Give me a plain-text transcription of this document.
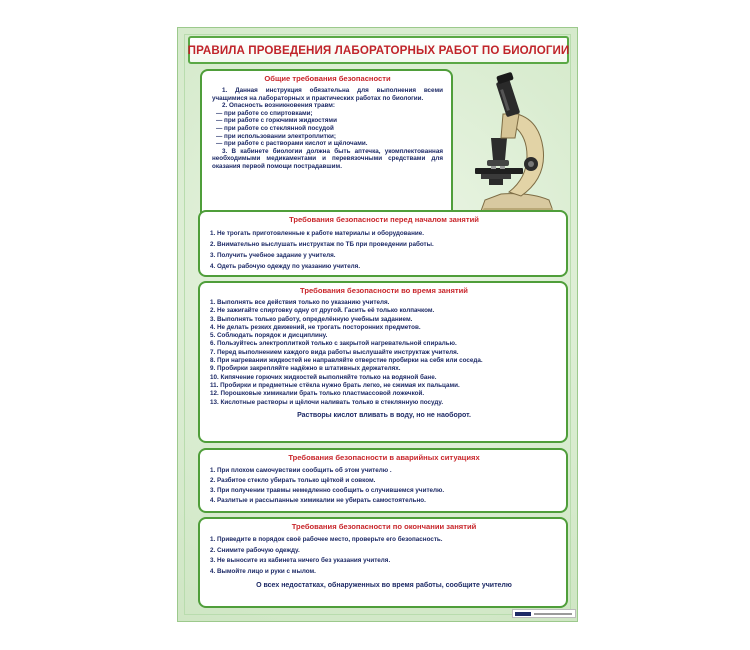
ПРАВИЛА ПРОВЕДЕНИЯ ЛАБОРАТОРНЫХ РАБОТ ПО БИОЛОГИИ
Общие требования безопасности
1. Данная инструкция обязательна для выполнения всеми учащимися на лабораторных и практических работах по биологии.
2. Опасность возникновения травм:
— при работе со спиртовками;
— при работе с горючими жидкостями
— при работе со стеклянной посудой
— при использовании электроплитки;
— при работе с растворами кислот и щёлочами.
3. В кабинете биологии должна быть аптечка, укомплектованная необходимыми медикаментами и перевязочными средствами для оказания первой помощи пострадавшим.
Требования безопасности перед началом занятий
1. Не трогать приготовленные к работе материалы и оборудование.
2. Внимательно выслушать инструктаж по ТБ при проведении работы.
3. Получить учебное задание у учителя.
4. Одеть рабочую одежду по указанию учителя.
Требования безопасности во время занятий
1. Выполнять все действия только по указанию учителя.
2. Не зажигайте спиртовку одну от другой. Гасить её только колпачком.
3. Выполнять только работу, определённую учебным заданием.
4. Не делать резких движений, не трогать посторонних предметов.
5. Соблюдать порядок и дисциплину.
6. Пользуйтесь электроплиткой только с закрытой нагревательной спиралью.
7. Перед выполнением каждого вида работы выслушайте инструктаж учителя.
8. При нагревании жидкостей не направляйте отверстие пробирки на себя или соседа.
9. Пробирки закрепляйте надёжно в штативных держателях.
10. Кипячение горючих жидкостей выполняйте только на водяной бане.
11. Пробирки и предметные стёкла нужно брать легко, не сжимая их пальцами.
12. Порошковые химикалии брать только пластмассовой ложечкой.
13. Кислотные растворы и щёлочи наливать только в стеклянную посуду.
Растворы кислот вливать в воду, но не наоборот.
Требования безопасности в аварийных ситуациях
1. При плохом самочувствии сообщить об этом учителю .
2. Разбитое стекло убирать только щёткой и совком.
3. При получении травмы немедленно сообщить о случившемся учителю.
4. Разлитые и рассыпанные химикалии не убирать самостоятельно.
Требования безопасности по окончании занятий
1. Приведите в порядок своё рабочее место, проверьте его безопасность.
2. Снимите рабочую одежду.
3. Не выносите из кабинета ничего без указания учителя.
4. Вымойте лицо и руки с мылом.
О всех недостатках, обнаруженных во время работы, сообщите учителю
